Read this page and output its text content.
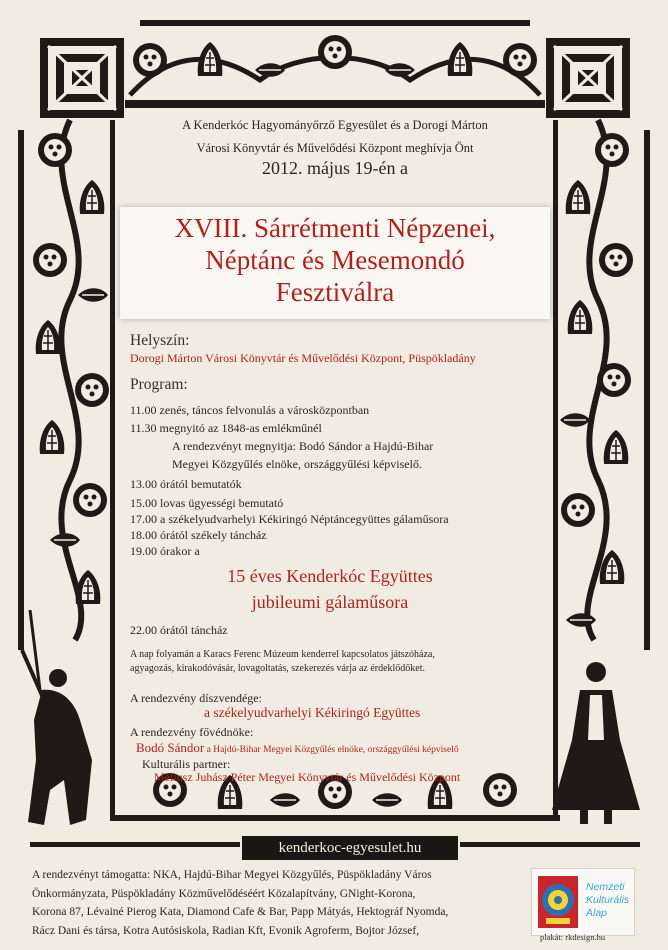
A Kenderkóc Hagyományőrző Egyesület és a Dorogi Márton
Városi Könyvtár és Művelődési Központ meghívja Önt
2012. május 19-én a
XVIII. Sárrétmenti Népzenei,
Néptánc és Mesemondó
Fesztiválra
Helyszín:
Dorogi Márton Városi Könyvtár és Művelődési Központ, Püspökladány
Program:
11.00 zenés, táncos felvonulás a városközpontban
11.30 megnyitó az 1848-as emlékműnél
A rendezvényt megnyitja: Bodó Sándor a Hajdú-Bihar
Megyei Közgyűlés elnöke, országgyűlési képviselő.
13.00 órától bemutatók
15.00 lovas ügyességi bemutató
17.00 a székelyudvarhelyi Kékiringó Néptáncegyüttes gálaműsora
18.00 órától székely táncház
19.00 órakor a
15 éves Kenderkóc Együttes
jubileumi gálaműsora
22.00 órától táncház
A nap folyamán a Karacs Ferenc Múzeum kenderrel kapcsolatos játszóháza,
agyagozás, kirakodóvásár, lovagoltatás, szekerezés várja az érdeklődőket.
A rendezvény díszvendége:
a székelyudvarhelyi Kékiringó Együttes
A rendezvény fővédnöke:
Bodó Sándor a Hajdú-Bihar Megyei Közgyűlés elnöke, országgyűlési képviselő
Kulturális partner:
Méliusz Juhász Péter Megyei Könyvtár és Művelődési Központ
kenderkoc-egyesulet.hu
A rendezvényt támogatta: NKA, Hajdú-Bihar Megyei Közgyűlés, Püspökladány Város
Önkormányzata, Püspökladány Közművelődéséért Közalapítvány, GNight-Korona,
Korona 87, Lévainé Pierog Kata, Diamond Cafe & Bar, Papp Mátyás, Hektográf Nyomda,
Rácz Dani és társa, Kotra Autósiskola, Radian Kft, Evonik Agroferm, Bojtor József,
Nemzeti
Kulturális
Alap
plakát: rkdesign.hu
